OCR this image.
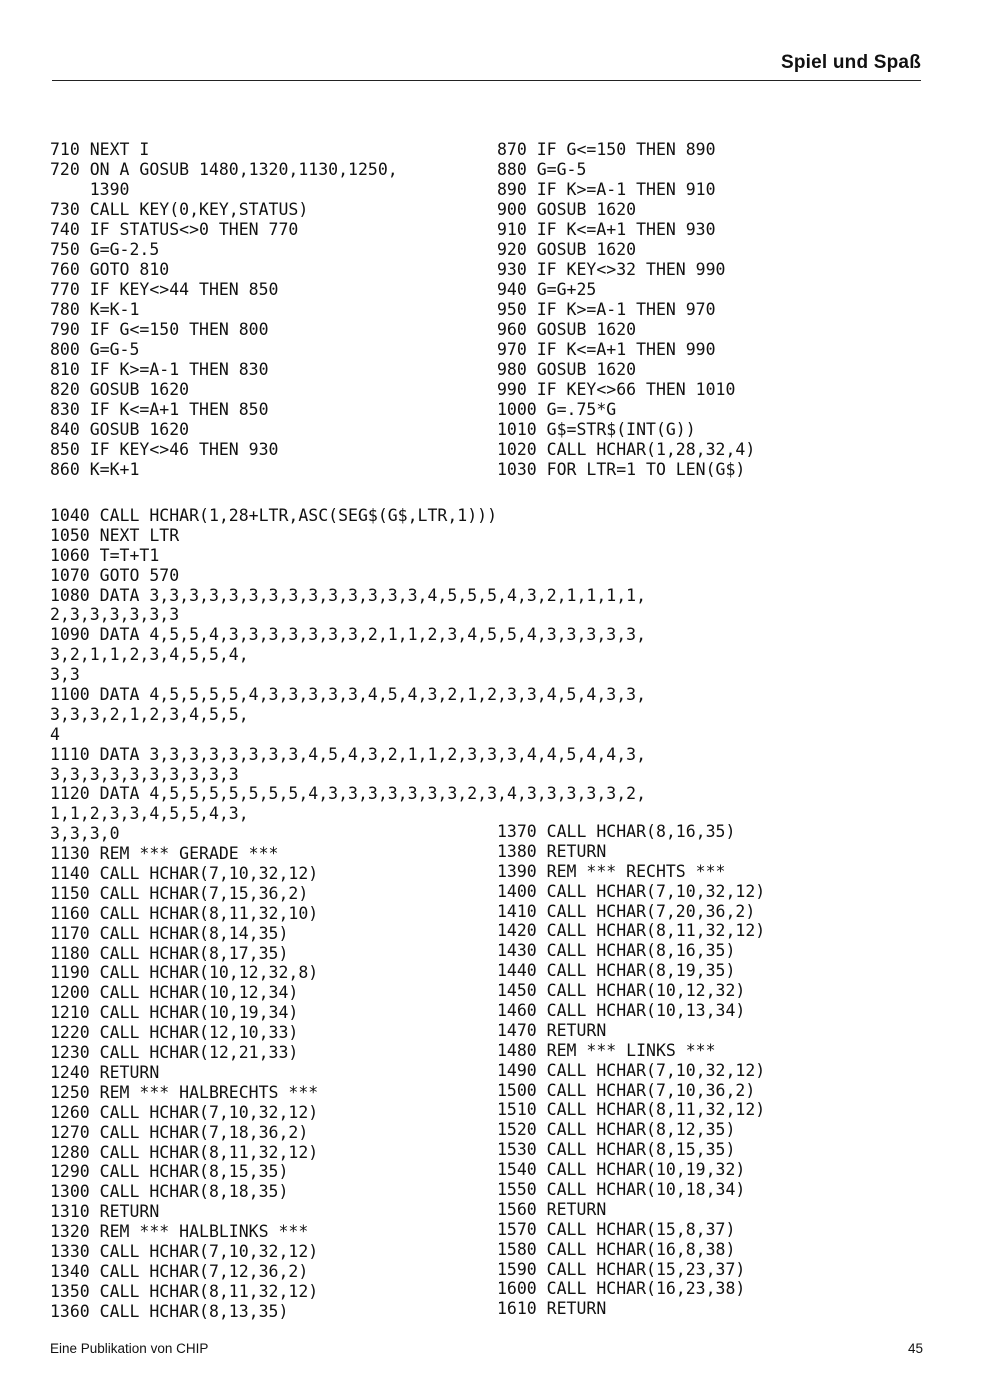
Spiel und Spaß
710 NEXT I
720 ON A GOSUB 1480,1320,1130,1250,
1390
730 CALL KEY(0,KEY,STATUS)
740 IF STATUS<>0 THEN 770
750 G=G-2.5
760 GOTO 810
770 IF KEY<>44 THEN 850
780 K=K-1
790 IF G<=150 THEN 800
800 G=G-5
810 IF K>=A-1 THEN 830
820 GOSUB 1620
830 IF K<=A+1 THEN 850
840 GOSUB 1620
850 IF KEY<>46 THEN 930
860 K=K+1
870 IF G<=150 THEN 890
880 G=G-5
890 IF K>=A-1 THEN 910
900 GOSUB 1620
910 IF K<=A+1 THEN 930
920 GOSUB 1620
930 IF KEY<>32 THEN 990
940 G=G+25
950 IF K>=A-1 THEN 970
960 GOSUB 1620
970 IF K<=A+1 THEN 990
980 GOSUB 1620
990 IF KEY<>66 THEN 1010
1000 G=.75*G
1010 G$=STR$(INT(G))
1020 CALL HCHAR(1,28,32,4)
1030 FOR LTR=1 TO LEN(G$)
1040 CALL HCHAR(1,28+LTR,ASC(SEG$(G$,LTR,1)))
1050 NEXT LTR
1060 T=T+T1
1070 GOTO 570
1080 DATA 3,3,3,3,3,3,3,3,3,3,3,3,3,3,4,5,5,5,4,3,2,1,1,1,1,
2,3,3,3,3,3,3
1090 DATA 4,5,5,4,3,3,3,3,3,3,3,2,1,1,2,3,4,5,5,4,3,3,3,3,3,
3,2,1,1,2,3,4,5,5,4,
3,3
1100 DATA 4,5,5,5,5,4,3,3,3,3,3,4,5,4,3,2,1,2,3,3,4,5,4,3,3,
3,3,3,2,1,2,3,4,5,5,
4
1110 DATA 3,3,3,3,3,3,3,3,4,5,4,3,2,1,1,2,3,3,3,4,4,5,4,4,3,
3,3,3,3,3,3,3,3,3,3
1120 DATA 4,5,5,5,5,5,5,5,4,3,3,3,3,3,3,3,2,3,4,3,3,3,3,3,2,
1,1,2,3,3,4,5,5,4,3,
3,3,3,0
1130 REM *** GERADE ***
1140 CALL HCHAR(7,10,32,12)
1150 CALL HCHAR(7,15,36,2)
1160 CALL HCHAR(8,11,32,10)
1170 CALL HCHAR(8,14,35)
1180 CALL HCHAR(8,17,35)
1190 CALL HCHAR(10,12,32,8)
1200 CALL HCHAR(10,12,34)
1210 CALL HCHAR(10,19,34)
1220 CALL HCHAR(12,10,33)
1230 CALL HCHAR(12,21,33)
1240 RETURN
1250 REM *** HALBRECHTS ***
1260 CALL HCHAR(7,10,32,12)
1270 CALL HCHAR(7,18,36,2)
1280 CALL HCHAR(8,11,32,12)
1290 CALL HCHAR(8,15,35)
1300 CALL HCHAR(8,18,35)
1310 RETURN
1320 REM *** HALBLINKS ***
1330 CALL HCHAR(7,10,32,12)
1340 CALL HCHAR(7,12,36,2)
1350 CALL HCHAR(8,11,32,12)
1360 CALL HCHAR(8,13,35)
1370 CALL HCHAR(8,16,35)
1380 RETURN
1390 REM *** RECHTS ***
1400 CALL HCHAR(7,10,32,12)
1410 CALL HCHAR(7,20,36,2)
1420 CALL HCHAR(8,11,32,12)
1430 CALL HCHAR(8,16,35)
1440 CALL HCHAR(8,19,35)
1450 CALL HCHAR(10,12,32)
1460 CALL HCHAR(10,13,34)
1470 RETURN
1480 REM *** LINKS ***
1490 CALL HCHAR(7,10,32,12)
1500 CALL HCHAR(7,10,36,2)
1510 CALL HCHAR(8,11,32,12)
1520 CALL HCHAR(8,12,35)
1530 CALL HCHAR(8,15,35)
1540 CALL HCHAR(10,19,32)
1550 CALL HCHAR(10,18,34)
1560 RETURN
1570 CALL HCHAR(15,8,37)
1580 CALL HCHAR(16,8,38)
1590 CALL HCHAR(15,23,37)
1600 CALL HCHAR(16,23,38)
1610 RETURN
Eine Publikation von CHIP	45
